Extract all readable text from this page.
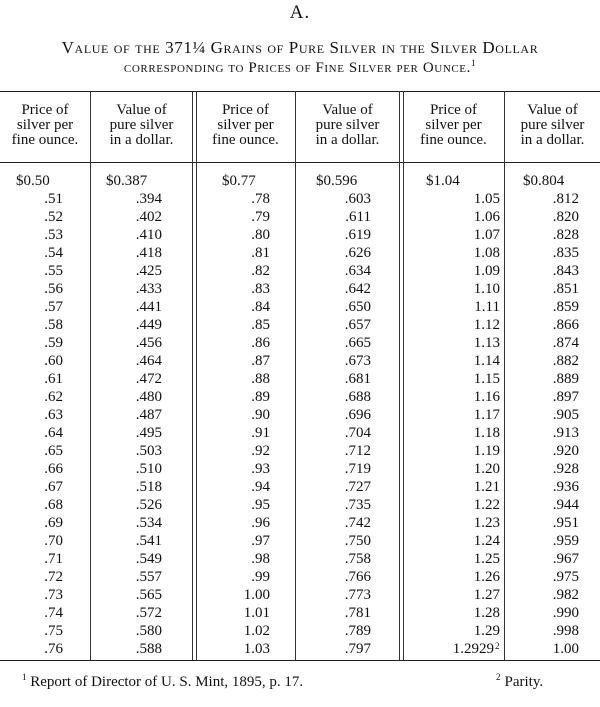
A.
Value of the 371¼ Grains of Pure Silver in the Silver Dollar
corresponding to Prices of Fine Silver per Ounce.$^1$
Price of
silver per
fine ounce.
Value of
pure silver
in a dollar.
Price of
silver per
fine ounce.
Value of
pure silver
in a dollar.
Price of
silver per
fine ounce.
Value of
pure silver
in a dollar.
$0.50
.51
.52
.53
.54
.55
.56
.57
.58
.59
.60
.61
.62
.63
.64
.65
.66
.67
.68
.69
.70
.71
.72
.73
.74
.75
.76
$0.387
.394
.402
.410
.418
.425
.433
.441
.449
.456
.464
.472
.480
.487
.495
.503
.510
.518
.526
.534
.541
.549
.557
.565
.572
.580
.588
$0.77
.78
.79
.80
.81
.82
.83
.84
.85
.86
.87
.88
.89
.90
.91
.92
.93
.94
.95
.96
.97
.98
.99
1.00
1.01
1.02
1.03
$0.596
.603
.611
.619
.626
.634
.642
.650
.657
.665
.673
.681
.688
.696
.704
.712
.719
.727
.735
.742
.750
.758
.766
.773
.781
.789
.797
$1.04
1.05
1.06
1.07
1.08
1.09
1.10
1.11
1.12
1.13
1.14
1.15
1.16
1.17
1.18
1.19
1.20
1.21
1.22
1.23
1.24
1.25
1.26
1.27
1.28
1.29
1.2929 2
$0.804
.812
.820
.828
.835
.843
.851
.859
.866
.874
.882
.889
.897
.905
.913
.920
.928
.936
.944
.951
.959
.967
.975
.982
.990
.998
1.00
$^1$ Report of Director of U. S. Mint, 1895, p. 17.	$^2$ Parity.
